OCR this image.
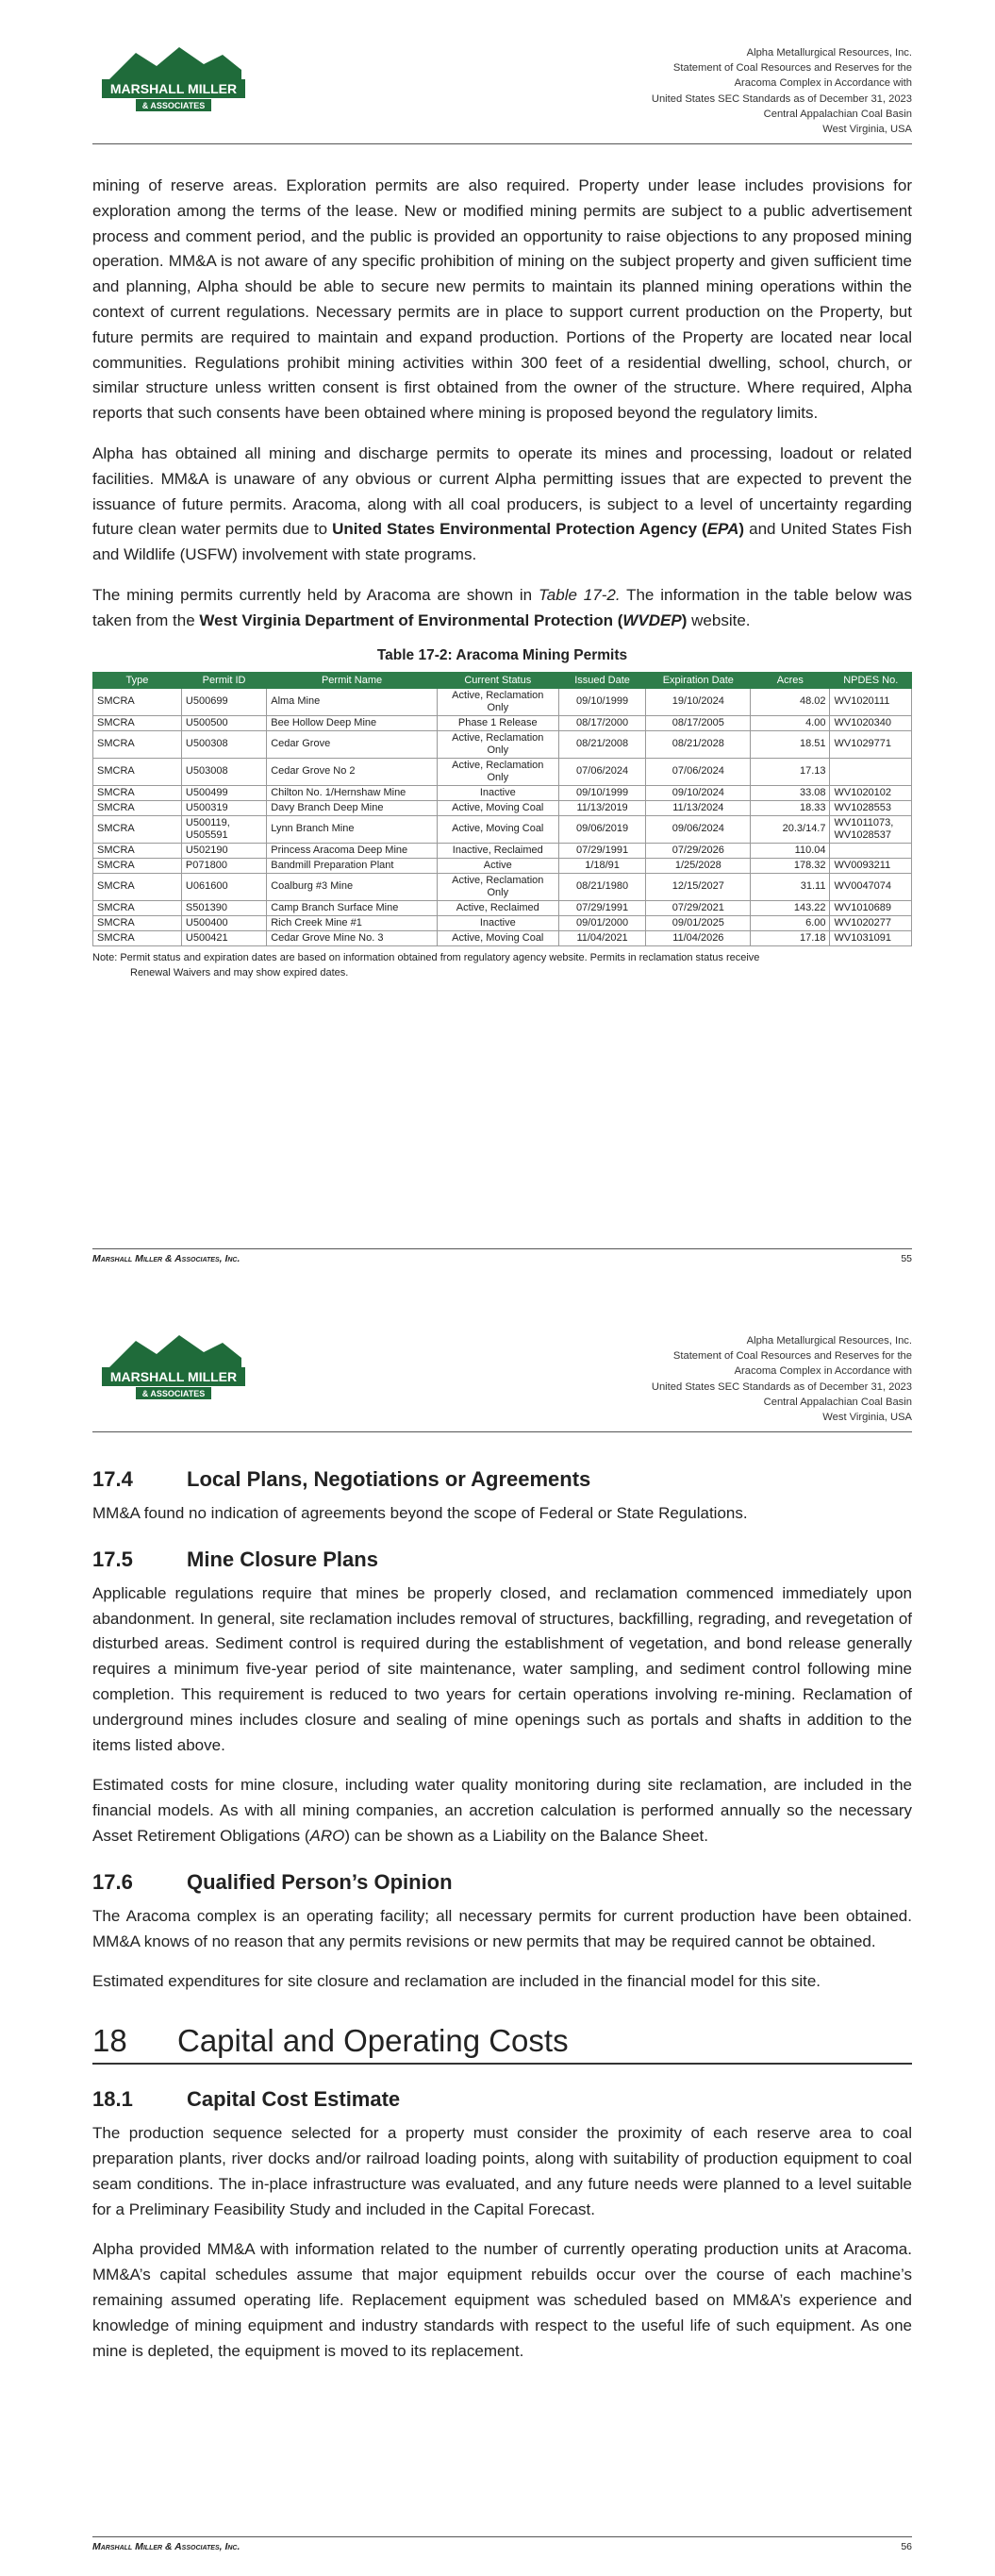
MARSHALL MILLER
& ASSOCIATES
Alpha Metallurgical Resources, Inc.
Statement of Coal Resources and Reserves for the
Aracoma Complex in Accordance with
United States SEC Standards as of December 31, 2023
Central Appalachian Coal Basin
West Virginia, USA

mining of reserve areas. Exploration permits are also required. Property under lease includes provisions for exploration among the terms of the lease. New or modified mining permits are subject to a public advertisement process and comment period, and the public is provided an opportunity to raise objections to any proposed mining operation. MM&A is not aware of any specific prohibition of mining on the subject property and given sufficient time and planning, Alpha should be able to secure new permits to maintain its planned mining operations within the context of current regulations. Necessary permits are in place to support current production on the Property, but future permits are required to maintain and expand production. Portions of the Property are located near local communities. Regulations prohibit mining activities within 300 feet of a residential dwelling, school, church, or similar structure unless written consent is first obtained from the owner of the structure. Where required, Alpha reports that such consents have been obtained where mining is proposed beyond the regulatory limits.

Alpha has obtained all mining and discharge permits to operate its mines and processing, loadout or related facilities. MM&A is unaware of any obvious or current Alpha permitting issues that are expected to prevent the issuance of future permits. Aracoma, along with all coal producers, is subject to a level of uncertainty regarding future clean water permits due to United States Environmental Protection Agency (EPA) and United States Fish and Wildlife (USFW) involvement with state programs.

The mining permits currently held by Aracoma are shown in Table 17-2. The information in the table below was taken from the West Virginia Department of Environmental Protection (WVDEP) website.

Table 17-2: Aracoma Mining Permits
Type	Permit ID	Permit Name	Current Status	Issued Date	Expiration Date	Acres	NPDES No.
SMCRA	U500699	Alma Mine	Active, Reclamation Only	09/10/1999	19/10/2024	48.02	WV1020111
SMCRA	U500500	Bee Hollow Deep Mine	Phase 1 Release	08/17/2000	08/17/2005	4.00	WV1020340
SMCRA	U500308	Cedar Grove	Active, Reclamation Only	08/21/2008	08/21/2028	18.51	WV1029771
SMCRA	U503008	Cedar Grove No 2	Active, Reclamation Only	07/06/2024	07/06/2024	17.13	
SMCRA	U500499	Chilton No. 1/Hernshaw Mine	Inactive	09/10/1999	09/10/2024	33.08	WV1020102
SMCRA	U500319	Davy Branch Deep Mine	Active, Moving Coal	11/13/2019	11/13/2024	18.33	WV1028553
SMCRA	U500119, U505591	Lynn Branch Mine	Active, Moving Coal	09/06/2019	09/06/2024	20.3/14.7	WV1011073, WV1028537
SMCRA	U502190	Princess Aracoma Deep Mine	Inactive, Reclaimed	07/29/1991	07/29/2026	110.04	
SMCRA	P071800	Bandmill Preparation Plant	Active	1/18/91	1/25/2028	178.32	WV0093211
SMCRA	U061600	Coalburg #3 Mine	Active, Reclamation Only	08/21/1980	12/15/2027	31.11	WV0047074
SMCRA	S501390	Camp Branch Surface Mine	Active, Reclaimed	07/29/1991	07/29/2021	143.22	WV1010689
SMCRA	U500400	Rich Creek Mine #1	Inactive	09/01/2000	09/01/2025	6.00	WV1020277
SMCRA	U500421	Cedar Grove Mine No. 3	Active, Moving Coal	11/04/2021	11/04/2026	17.18	WV1031091
Note: Permit status and expiration dates are based on information obtained from regulatory agency website. Permits in reclamation status receive
Renewal Waivers and may show expired dates.
Marshall Miller & Associates, Inc.	55
MARSHALL MILLER
& ASSOCIATES
Alpha Metallurgical Resources, Inc.
Statement of Coal Resources and Reserves for the
Aracoma Complex in Accordance with
United States SEC Standards as of December 31, 2023
Central Appalachian Coal Basin
West Virginia, USA
17.4	Local Plans, Negotiations or Agreements

MM&A found no indication of agreements beyond the scope of Federal or State Regulations.

17.5	Mine Closure Plans

Applicable regulations require that mines be properly closed, and reclamation commenced immediately upon abandonment. In general, site reclamation includes removal of structures, backfilling, regrading, and revegetation of disturbed areas. Sediment control is required during the establishment of vegetation, and bond release generally requires a minimum five-year period of site maintenance, water sampling, and sediment control following mine completion. This requirement is reduced to two years for certain operations involving re-mining. Reclamation of underground mines includes closure and sealing of mine openings such as portals and shafts in addition to the items listed above.

Estimated costs for mine closure, including water quality monitoring during site reclamation, are included in the financial models. As with all mining companies, an accretion calculation is performed annually so the necessary Asset Retirement Obligations (ARO) can be shown as a Liability on the Balance Sheet.

17.6	Qualified Person’s Opinion

The Aracoma complex is an operating facility; all necessary permits for current production have been obtained. MM&A knows of no reason that any permits revisions or new permits that may be required cannot be obtained.

Estimated expenditures for site closure and reclamation are included in the financial model for this site.

18 Capital and Operating Costs
18.1	Capital Cost Estimate

The production sequence selected for a property must consider the proximity of each reserve area to coal preparation plants, river docks and/or railroad loading points, along with suitability of production equipment to coal seam conditions. The in-place infrastructure was evaluated, and any future needs were planned to a level suitable for a Preliminary Feasibility Study and included in the Capital Forecast.

Alpha provided MM&A with information related to the number of currently operating production units at Aracoma. MM&A’s capital schedules assume that major equipment rebuilds occur over the course of each machine’s remaining assumed operating life. Replacement equipment was scheduled based on MM&A’s experience and knowledge of mining equipment and industry standards with respect to the useful life of such equipment. As one mine is depleted, the equipment is moved to its replacement.

Marshall Miller & Associates, Inc.	56
